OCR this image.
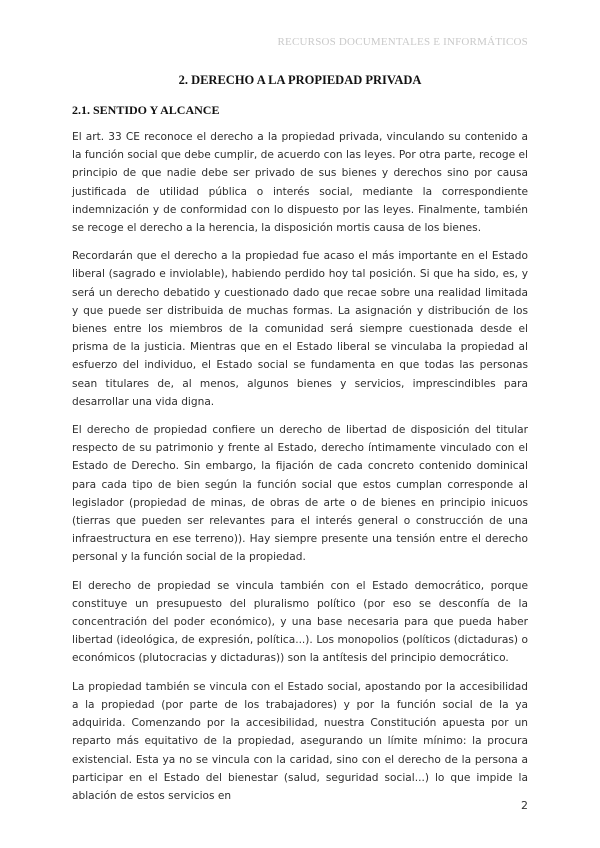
RECURSOS DOCUMENTALES E INFORMÁTICOS
2. DERECHO A LA PROPIEDAD PRIVADA
2.1. SENTIDO Y ALCANCE

El art. 33 CE reconoce el derecho a la propiedad privada, vinculando su contenido a la función social que debe cumplir, de acuerdo con las leyes. Por otra parte, recoge el principio de que nadie debe ser privado de sus bienes y derechos sino por causa justificada de utilidad pública o interés social, mediante la correspondiente indemnización y de conformidad con lo dispuesto por las leyes. Finalmente, también se recoge el derecho a la herencia, la disposición mortis causa de los bienes.

Recordarán que el derecho a la propiedad fue acaso el más importante en el Estado liberal (sagrado e inviolable), habiendo perdido hoy tal posición. Si que ha sido, es, y será un derecho debatido y cuestionado dado que recae sobre una realidad limitada y que puede ser distribuida de muchas formas. La asignación y distribución de los bienes entre los miembros de la comunidad será siempre cuestionada desde el prisma de la justicia. Mientras que en el Estado liberal se vinculaba la propiedad al esfuerzo del individuo, el Estado social se fundamenta en que todas las personas sean titulares de, al menos, algunos bienes y servicios, imprescindibles para desarrollar una vida digna.

El derecho de propiedad confiere un derecho de libertad de disposición del titular respecto de su patrimonio y frente al Estado, derecho íntimamente vinculado con el Estado de Derecho. Sin embargo, la fijación de cada concreto contenido dominical para cada tipo de bien según la función social que estos cumplan corresponde al legislador (propiedad de minas, de obras de arte o de bienes en principio inicuos (tierras que pueden ser relevantes para el interés general o construcción de una infraestructura en ese terreno)). Hay siempre presente una tensión entre el derecho personal y la función social de la propiedad.

El derecho de propiedad se vincula también con el Estado democrático, porque constituye un presupuesto del pluralismo político (por eso se desconfía de la concentración del poder económico), y una base necesaria para que pueda haber libertad (ideológica, de expresión, política...). Los monopolios (políticos (dictaduras) o económicos (plutocracias y dictaduras)) son la antítesis del principio democrático.

La propiedad también se vincula con el Estado social, apostando por la accesibilidad a la propiedad (por parte de los trabajadores) y por la función social de la ya adquirida. Comenzando por la accesibilidad, nuestra Constitución apuesta por un reparto más equitativo de la propiedad, asegurando un límite mínimo: la procura existencial. Esta ya no se vincula con la caridad, sino con el derecho de la persona a participar en el Estado del bienestar (salud, seguridad social...) lo que impide la ablación de estos servicios en

2
